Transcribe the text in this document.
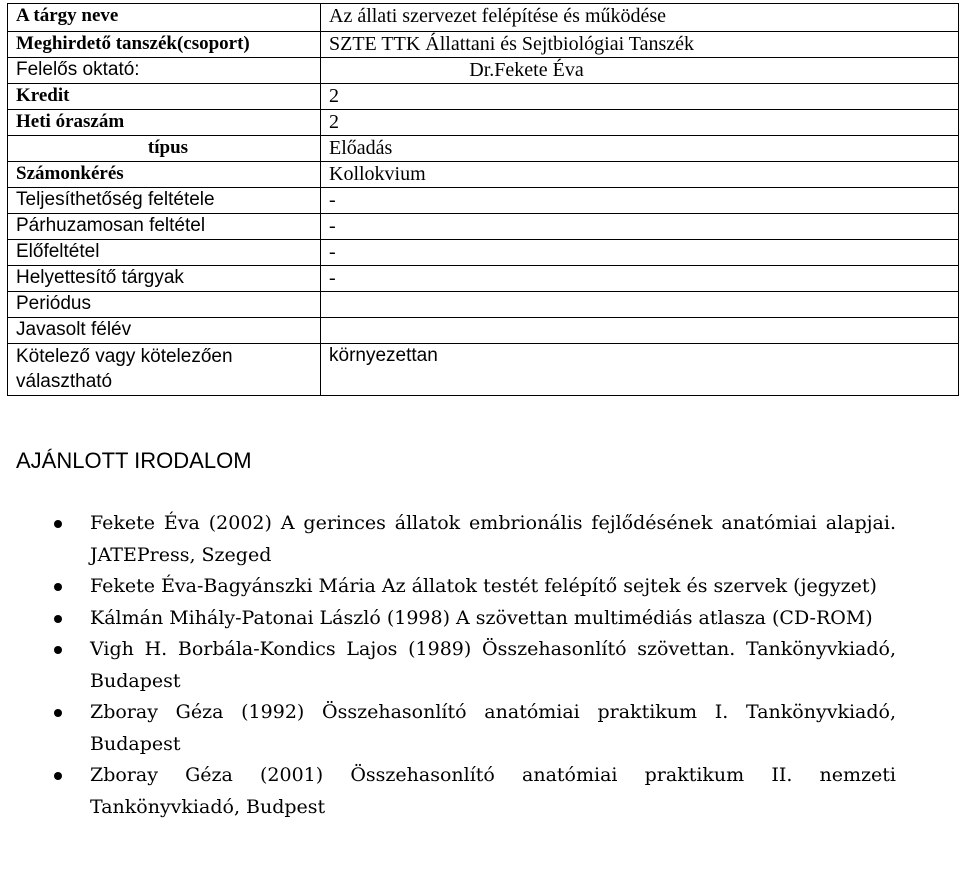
A tárgy neve	Az állati szervezet felépítése és működése
Meghirdető tanszék(csoport)	SZTE TTK Állattani és Sejtbiológiai Tanszék
Felelős oktató:	Dr.Fekete Éva
Kredit	2
Heti óraszám	2
típus	Előadás
Számonkérés	Kollokvium
Teljesíthetőség feltétele	-
Párhuzamosan feltétel	-
Előfeltétel	-
Helyettesítő tárgyak	-
Periódus	
Javasolt félév	
Kötelező vagy kötelezően választható	környezettan
AJÁNLOTT IRODALOM
Fekete Éva (2002) A gerinces állatok embrionális fejlődésének anatómiai alapjai. JATEPress, Szeged
Fekete Éva-Bagyánszki Mária Az állatok testét felépítő sejtek és szervek (jegyzet)
Kálmán Mihály-Patonai László (1998) A szövettan multimédiás atlasza (CD-ROM)
Vigh H. Borbála-Kondics Lajos (1989) Összehasonlító szövettan. Tankönyvkiadó, Budapest
Zboray Géza (1992) Összehasonlító anatómiai praktikum I. Tankönyvkiadó, Budapest
Zboray Géza (2001) Összehasonlító anatómiai praktikum II. nemzeti Tankönyvkiadó, Budpest
